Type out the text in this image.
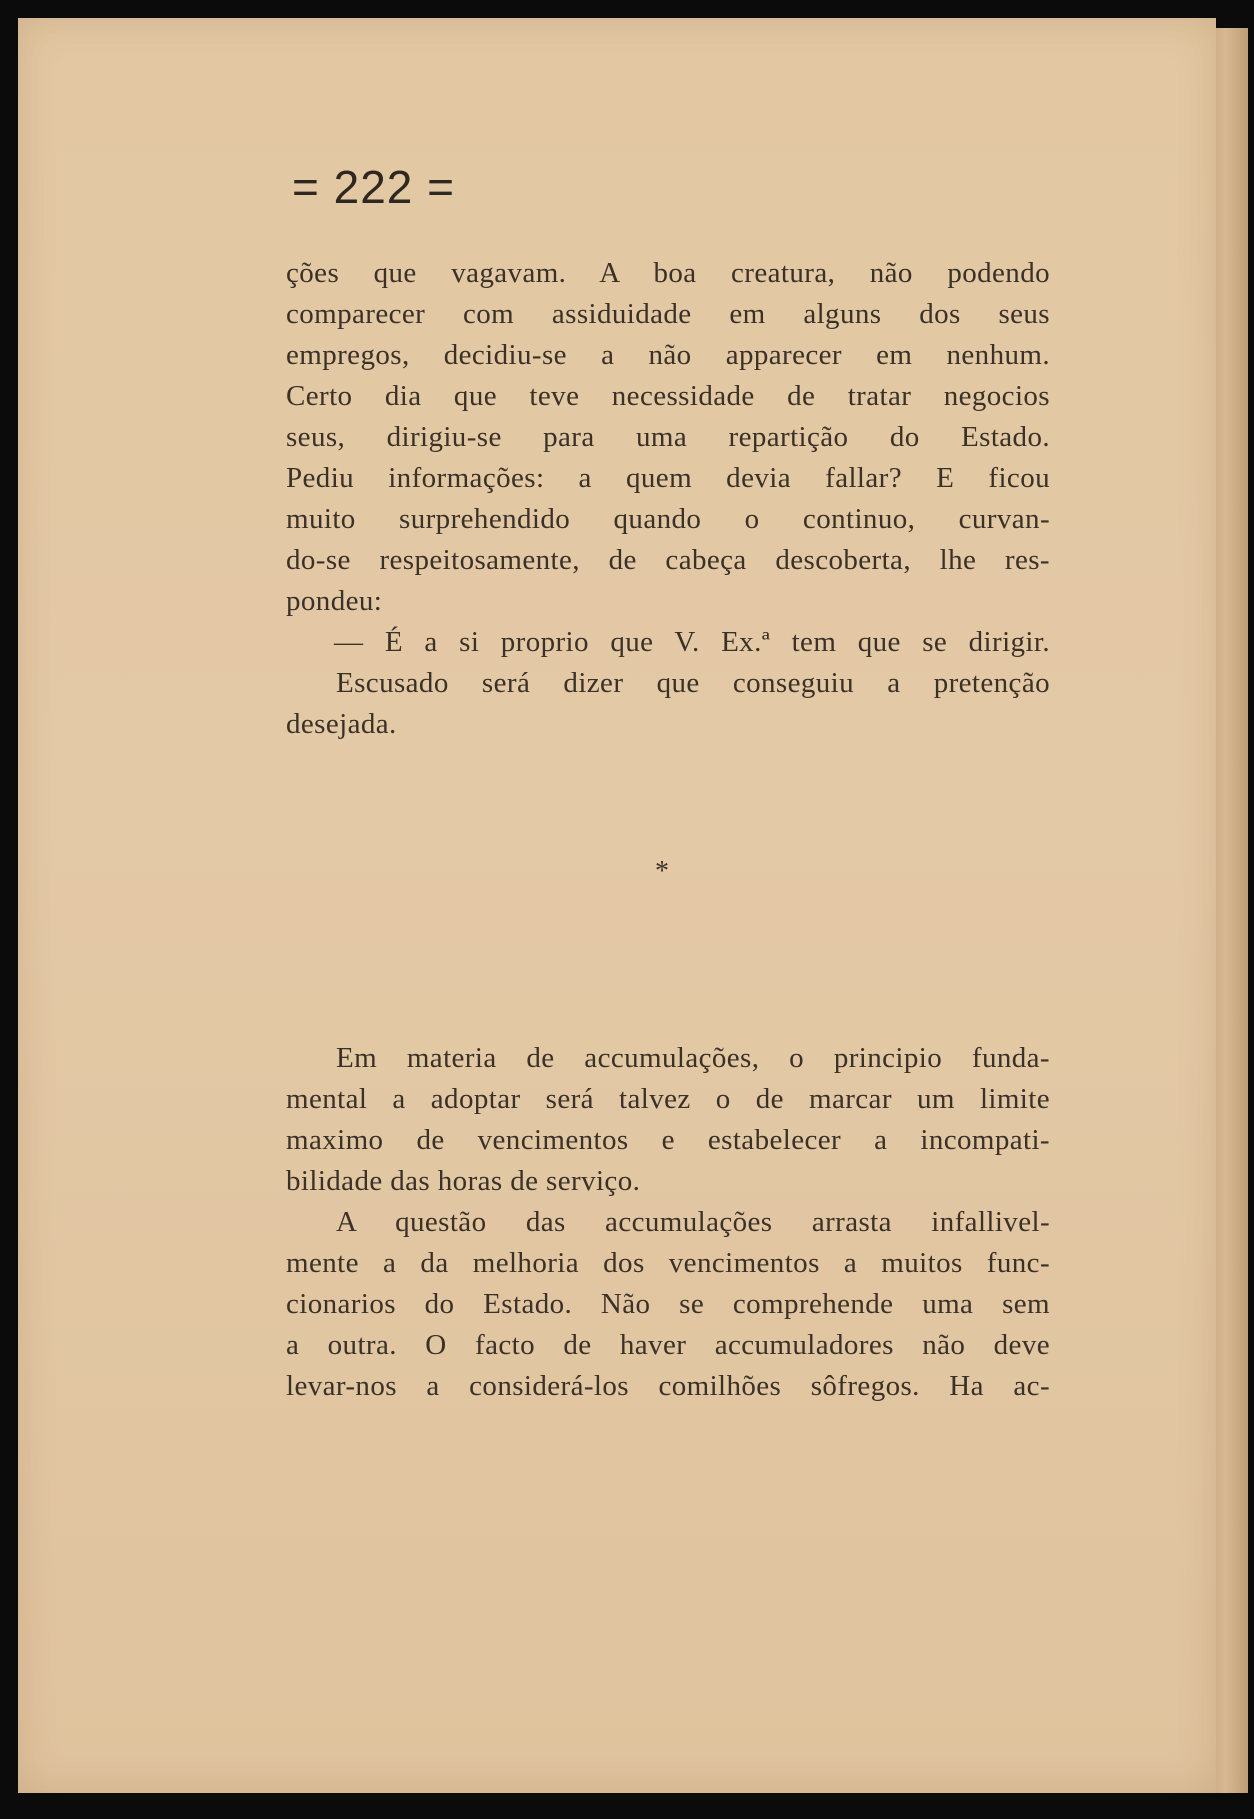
= 222 =
ções que vagavam. A boa creatura, não podendo
comparecer com assiduidade em alguns dos seus
empregos, decidiu-se a não apparecer em nenhum.
Certo dia que teve necessidade de tratar negocios
seus, dirigiu-se para uma repartição do Estado.
Pediu informações: a quem devia fallar? E ficou
muito surprehendido quando o continuo, curvan-
do-se respeitosamente, de cabeça descoberta, lhe res-
pondeu:
— É a si proprio que V. Ex.ª tem que se dirigir.
Escusado será dizer que conseguiu a pretenção
desejada.
*
Em materia de accumulações, o principio funda-
mental a adoptar será talvez o de marcar um limite
maximo de vencimentos e estabelecer a incompati-
bilidade das horas de serviço.
A questão das accumulações arrasta infallivel-
mente a da melhoria dos vencimentos a muitos func-
cionarios do Estado. Não se comprehende uma sem
a outra. O facto de haver accumuladores não deve
levar-nos a considerá-los comilhões sôfregos. Ha ac-
